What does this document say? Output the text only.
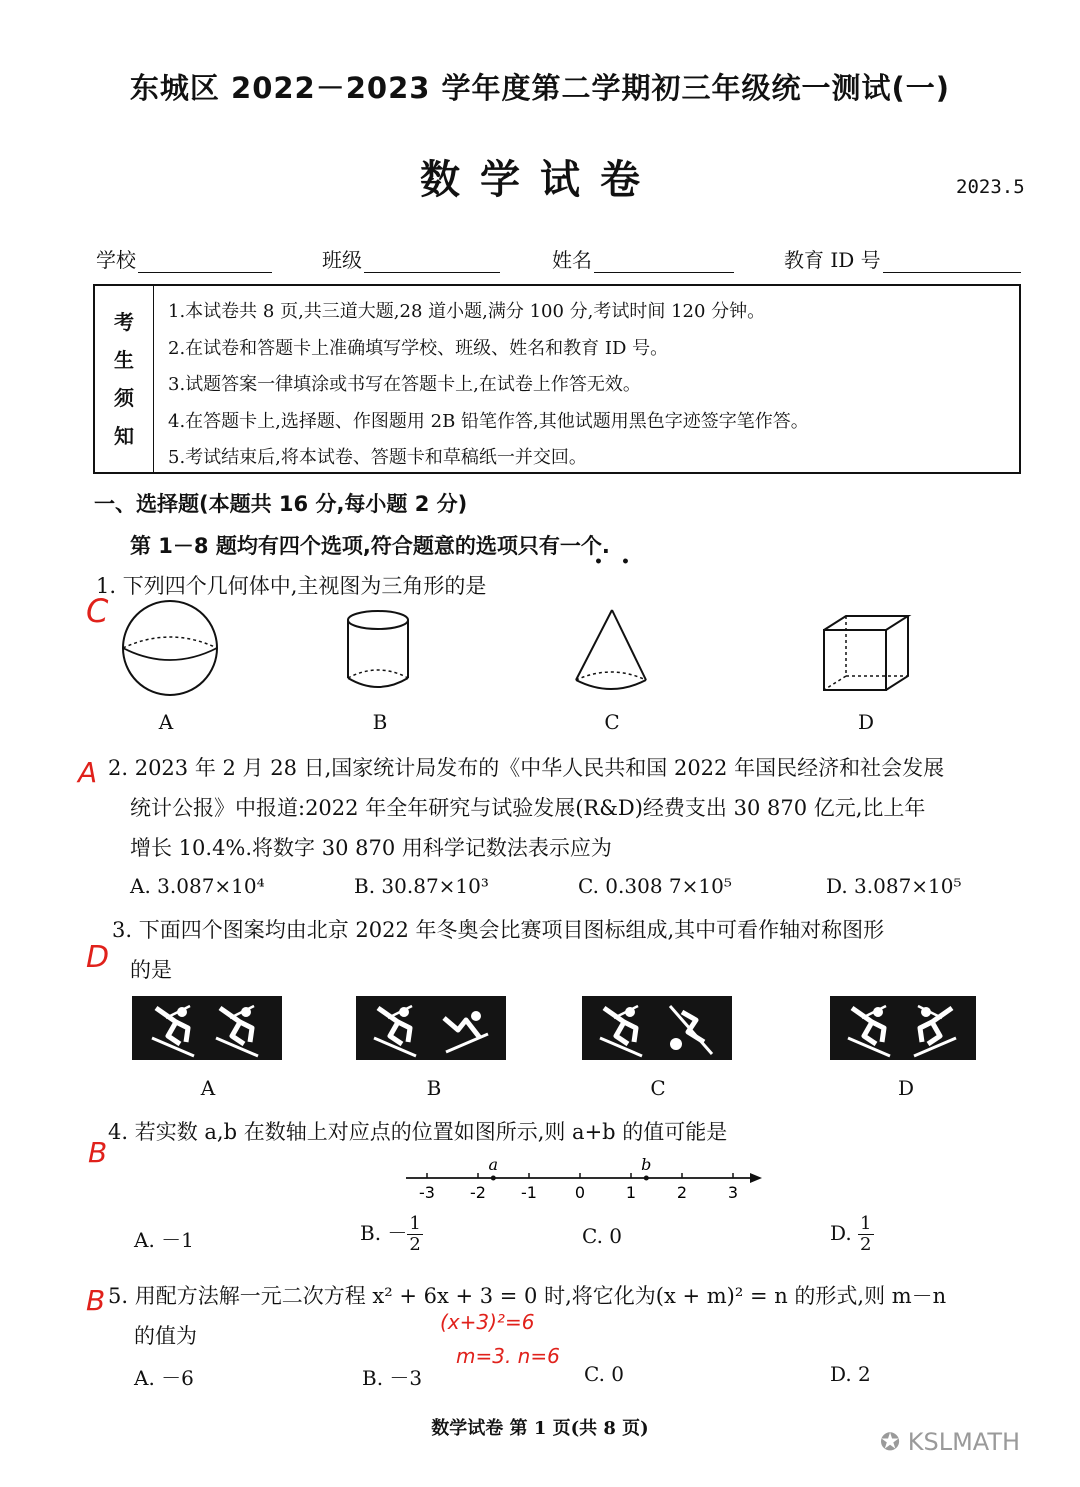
东城区 2022－2023 学年度第二学期初三年级统一测试(一)
数学试卷	2023.5
学校	班级	姓名	教育 ID 号
考
生
须
知
1.本试卷共 8 页,共三道大题,28 道小题,满分 100 分,考试时间 120 分钟。
2.在试卷和答题卡上准确填写学校、班级、姓名和教育 ID 号。
3.试题答案一律填涂或书写在答题卡上,在试卷上作答无效。
4.在答题卡上,选择题、作图题用 2B 铅笔作答,其他试题用黑色字迹签字笔作答。
5.考试结束后,将本试卷、答题卡和草稿纸一并交回。
一、选择题(本题共 16 分,每小题 2 分)
第 1－8 题均有四个选项,符合题意的选项只有一个.
••
1. 下列四个几何体中,主视图为三角形的是
C
A	B	C	D
A 2. 2023 年 2 月 28 日,国家统计局发布的《中华人民共和国 2022 年国民经济和社会发展
统计公报》中报道:2022 年全年研究与试验发展(R&D)经费支出 30 870 亿元,比上年
增长 10.4%.将数字 30 870 用科学记数法表示应为
A. 3.087×10⁴	B. 30.87×10³	C. 0.308 7×10⁵	D. 3.087×10⁵
3. 下面四个图案均由北京 2022 年冬奥会比赛项目图标组成,其中可看作轴对称图形
的是
D
A	B	C	D
4. 若实数 a,b 在数轴上对应点的位置如图所示,则 a+b 的值可能是
B
-3 -2 -1 0	1	2	3
a	b
A. －1	B. － $\frac{1}{2}$	C. 0	D. $\frac{1}{2}$
B 5. 用配方法解一元二次方程 x² + 6x + 3 = 0 时,将它化为(x + m)² = n 的形式,则 m－n
的值为
(x+3)²=6
m=3. n=6
A. －6	B. －3	C. 0	D. 2
数学试卷 第 1 页(共 8 页)	✪ KSLMATH
